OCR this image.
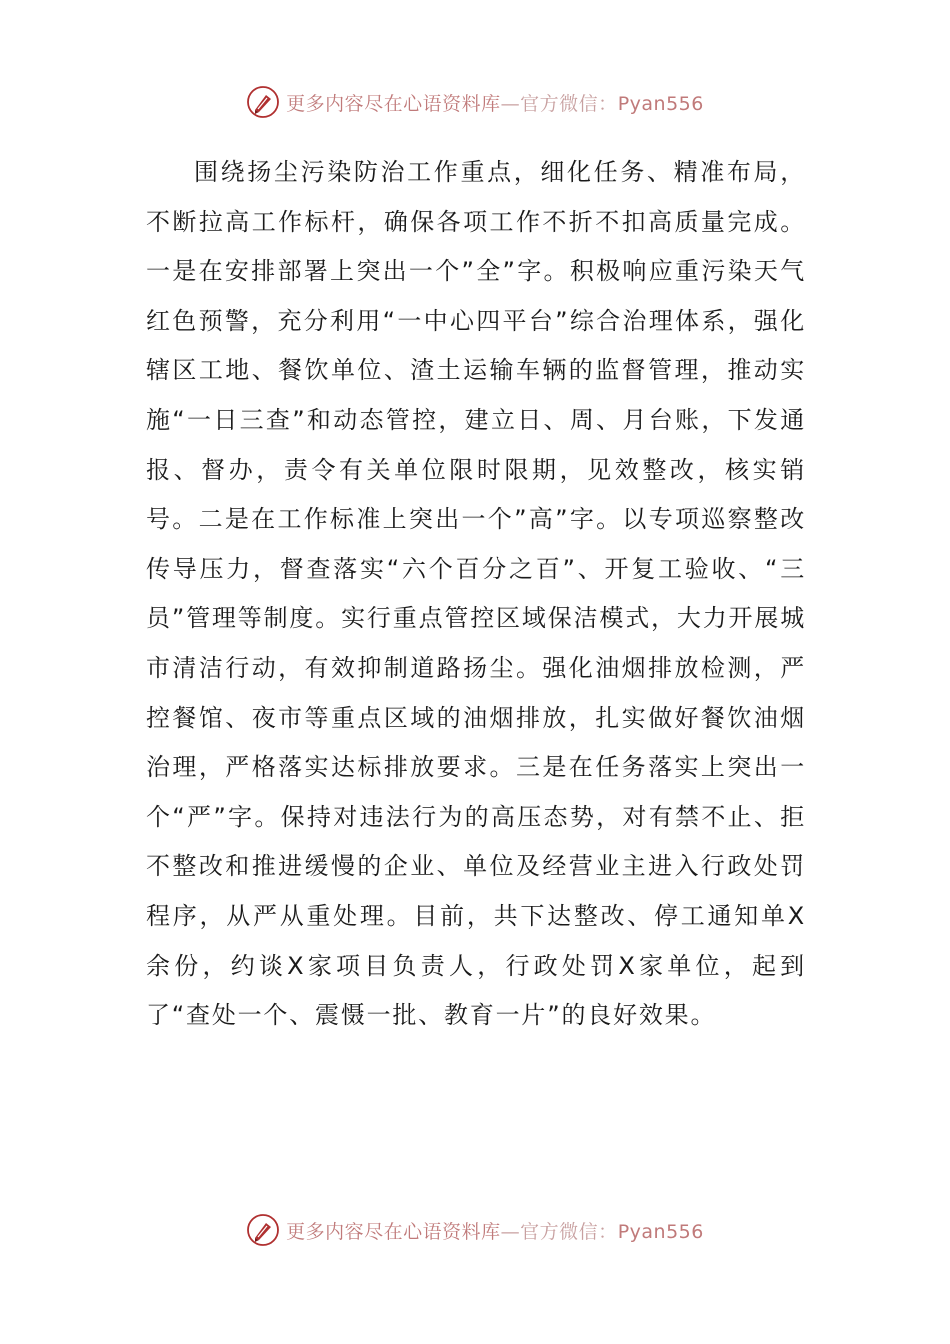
更多内容尽在心语资料库—官方微信：Pyan556

围绕扬尘污染防治工作重点，细化任务、精准布局，不断拉高工作标杆，确保各项工作不折不扣高质量完成。一是在安排部署上突出一个”全”字。积极响应重污染天气红色预警，充分利用“一中心四平台”综合治理体系，强化辖区工地、餐饮单位、渣土运输车辆的监督管理，推动实施“一日三查”和动态管控，建立日、周、月台账，下发通报、督办，责令有关单位限时限期，见效整改，核实销号。二是在工作标准上突出一个”高”字。以专项巡察整改传导压力，督查落实“六个百分之百”、开复工验收、“三员”管理等制度。实行重点管控区域保洁模式，大力开展城市清洁行动，有效抑制道路扬尘。强化油烟排放检测，严控餐馆、夜市等重点区域的油烟排放，扎实做好餐饮油烟治理，严格落实达标排放要求。三是在任务落实上突出一个“严”字。保持对违法行为的高压态势，对有禁不止、拒不整改和推进缓慢的企业、单位及经营业主进入行政处罚程序，从严从重处理。目前，共下达整改、停工通知单X余份，约谈X家项目负责人，行政处罚X家单位，起到了“查处一个、震慑一批、教育一片”的良好效果。

更多内容尽在心语资料库—官方微信：Pyan556
